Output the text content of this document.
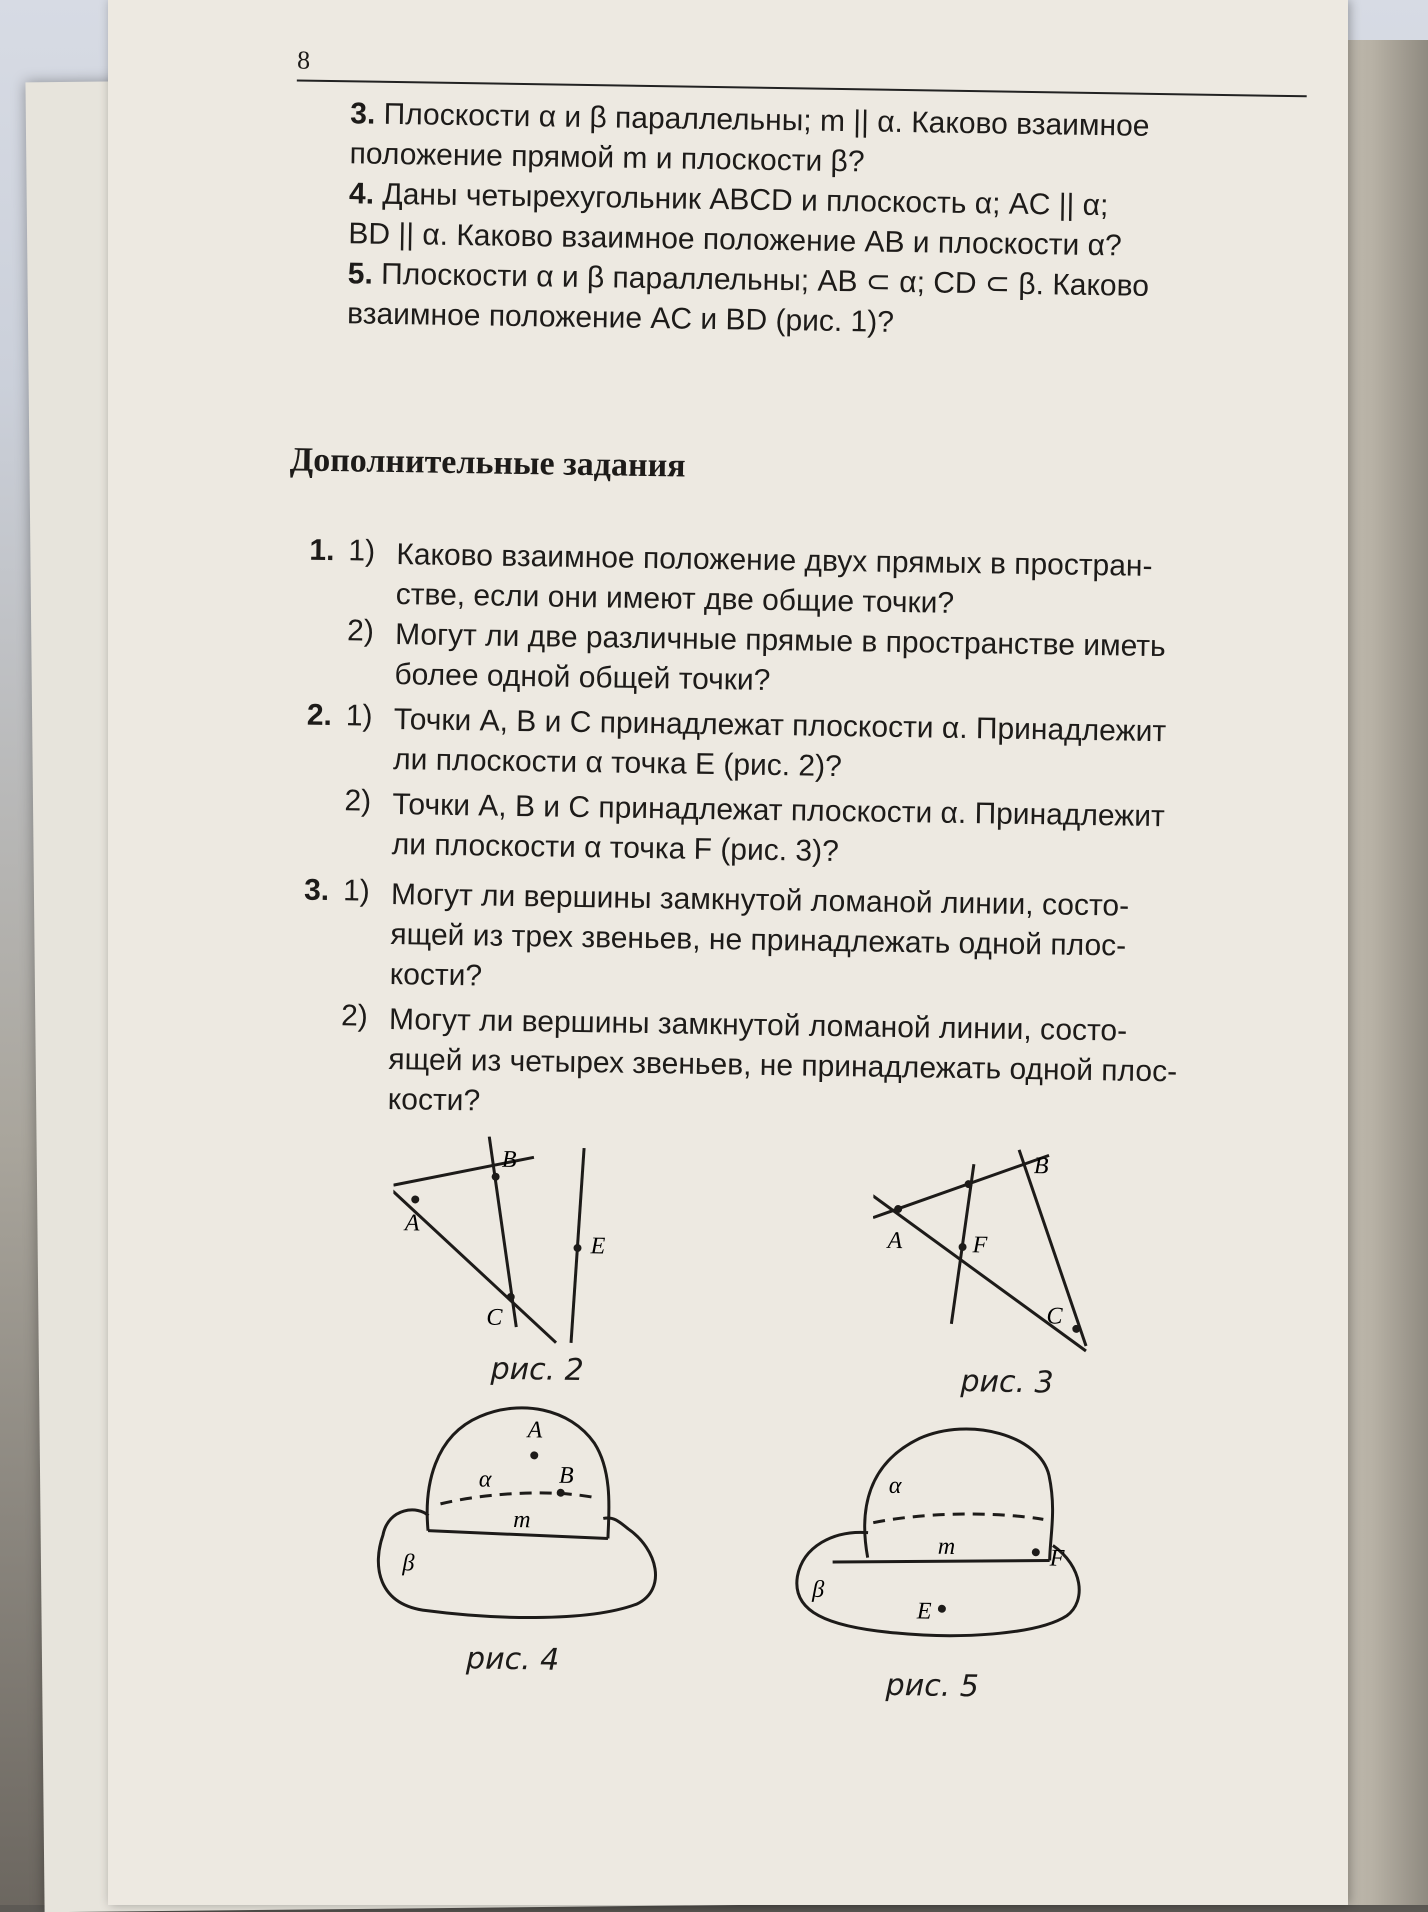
8
3. Плоскости α и β параллельны; m || α. Каково взаимное
положение прямой m и плоскости β?
4. Даны четырехугольник ABCD и плоскость α; AC || α;
BD || α. Каково взаимное положение AB и плоскости α?
5. Плоскости α и β параллельны; AB ⊂ α; CD ⊂ β. Каково
взаимное положение AC и BD (рис. 1)?
Дополнительные задания
1. 1) Каково взаимное положение двух прямых в простран-
стве, если они имеют две общие точки?
2) Могут ли две различные прямые в пространстве иметь
более одной общей точки?
2. 1) Точки A, B и C принадлежат плоскости α. Принадлежит
ли плоскости α точка E (рис. 2)?
2) Точки A, B и C принадлежат плоскости α. Принадлежит
ли плоскости α точка F (рис. 3)?
3. 1) Могут ли вершины замкнутой ломаной линии, состо-
ящей из трех звеньев, не принадлежать одной плос-
кости?
2) Могут ли вершины замкнутой ломаной линии, состо-
ящей из четырех звеньев, не принадлежать одной плос-
кости?
A
B
C
E
рис. 2
A
B
C
F
рис. 3
A
B
α
β
m
рис. 4
α
β
m	F
E
рис. 5
